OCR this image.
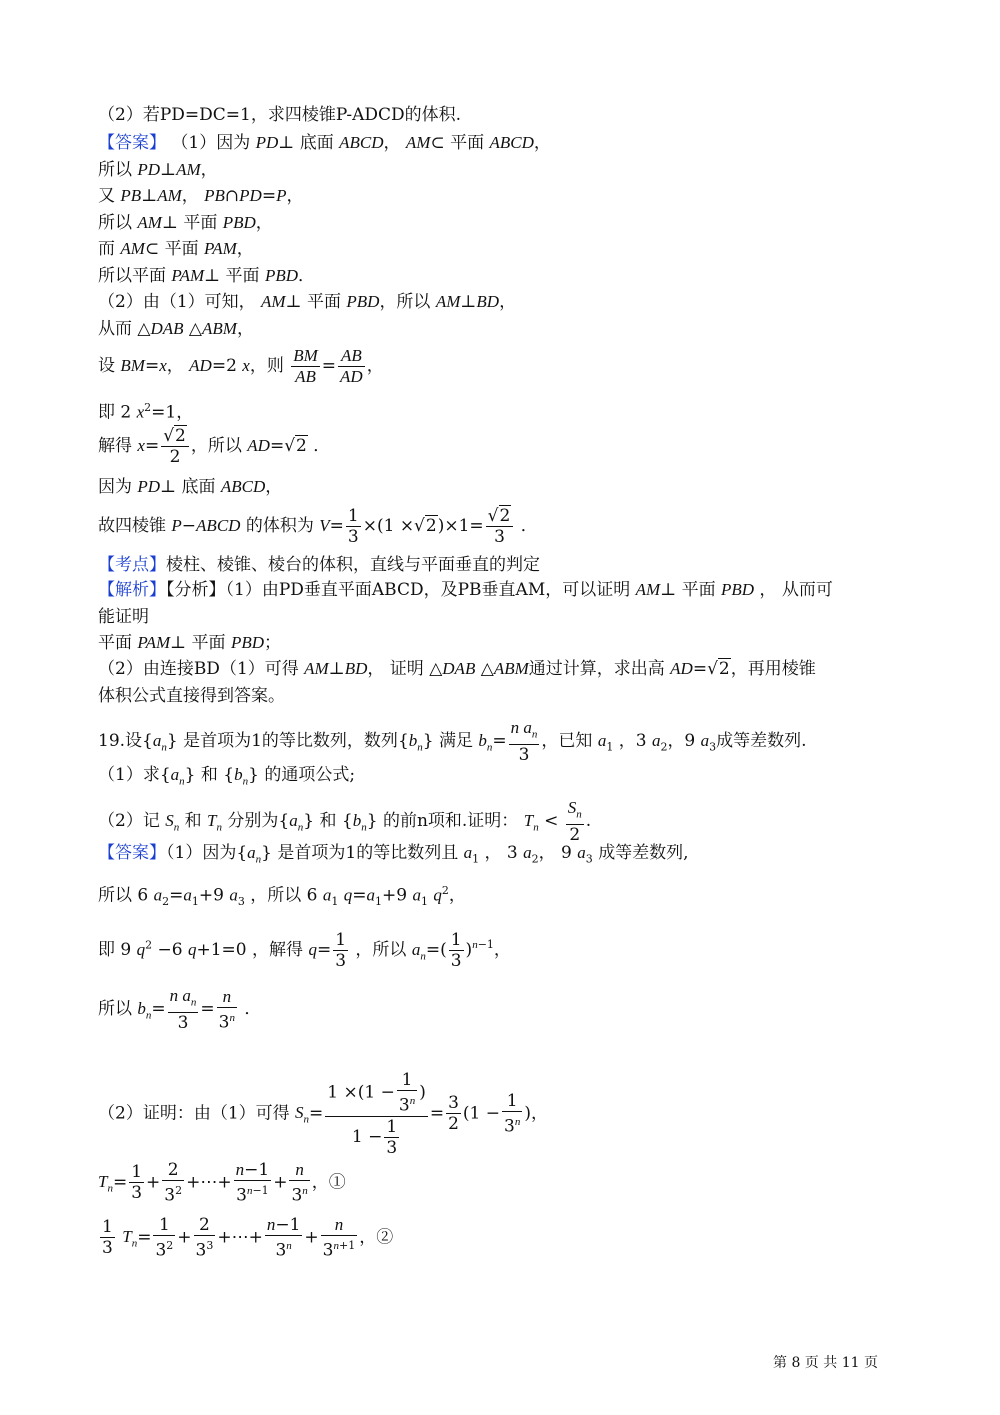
（2）若PD=DC=1，求四棱锥P-ADCD的体积.
【答案】 （1）因为 PD⊥ 底面 ABCD， AM⊂ 平面 ABCD，
所以 PD⊥AM，
又 PB⊥AM， PB∩PD=P，
所以 AM⊥ 平面 PBD，
而 AM⊂ 平面 PAM，
所以平面 PAM⊥ 平面 PBD．
（2）由（1）可知， AM⊥ 平面 PBD，所以 AM⊥BD，
从而 △DAB △ABM，
设 BM=x， AD=2 x，则 $\frac{BM}{AB} = \frac{AB}{AD}$ ，
即 2 $x^2=1$，
解得 $x= \frac{√2}{2}$ ，所以 AD=√2 ．
因为 PD⊥ 底面 ABCD，
故四棱锥 P−ABCD 的体积为 $V= \frac{1}{3} \times(1 \times√2)\times 1= \frac{√2}{3}$ ．
【考点】棱柱、棱锥、棱台的体积，直线与平面垂直的判定
【解析】【分析】（1）由PD垂直平面ABCD，及PB垂直AM，可以证明 AM⊥ 平面 PBD ， 从而可
能证明
平面 PAM⊥ 平面 PBD；
（2）由连接BD（1）可得 AM⊥BD， 证明 △DAB △ABM通过计算，求出高 AD=√2，再用棱锥
体积公式直接得到答案。
19.设$\{a_n\}$ 是首项为1的等比数列，数列$\{b_n\}$ 满足 $b_n= \frac{n a_n}{3}$ ，已知 $a_1$ ，3 $a_2$，9 $a_3$成等差数列.
（1）求$\{a_n\}$ 和 $\{b_n\}$ 的通项公式;
（2）记 $S_n$ 和 $T_n$ 分别为$\{a_n\}$ 和 $\{b_n\}$ 的前n项和.证明： $T_n < \frac{S_n}{2}$ .
【答案】（1）因为$\{a_n\}$ 是首项为1的等比数列且 $a_1$ ， 3 $a_2$， 9 $a_3$ 成等差数列,
所以 6 $a_2=a_1+9$ $a_3$ ，所以 6 $a_1$ $q=a_1+9$ $a_1$ $q^2$，
即 9 $q^2 -6$ q+1=0 ，解得 $q= \frac{1}{3}$ ，所以 $a_n=( \frac{1}{3} )^{n-1}$，
所以 $b_n= \frac{n a_n}{3} = \frac{n}{3^n}$ ．
（2）证明：由（1）可得 $S_n= \frac{1 \times(1 - \frac{1}{3^n} )}{1 - \frac{1}{3}} = \frac{3}{2} (1 - \frac{1}{3^n}$ )，
$T_n= \frac{1}{3} + \frac{2}{3^2}$ +⋯+ $\frac{n-1}{3^{n-1}} + \frac{n}{3^n}$ ，①
$\frac{1}{3} T_n= \frac{1}{3^2} + \frac{2}{3^3}$ +⋯+ $\frac{n-1}{3^n} + \frac{n}{3^{n+1}}$ ，②
第 8 页 共 11 页
